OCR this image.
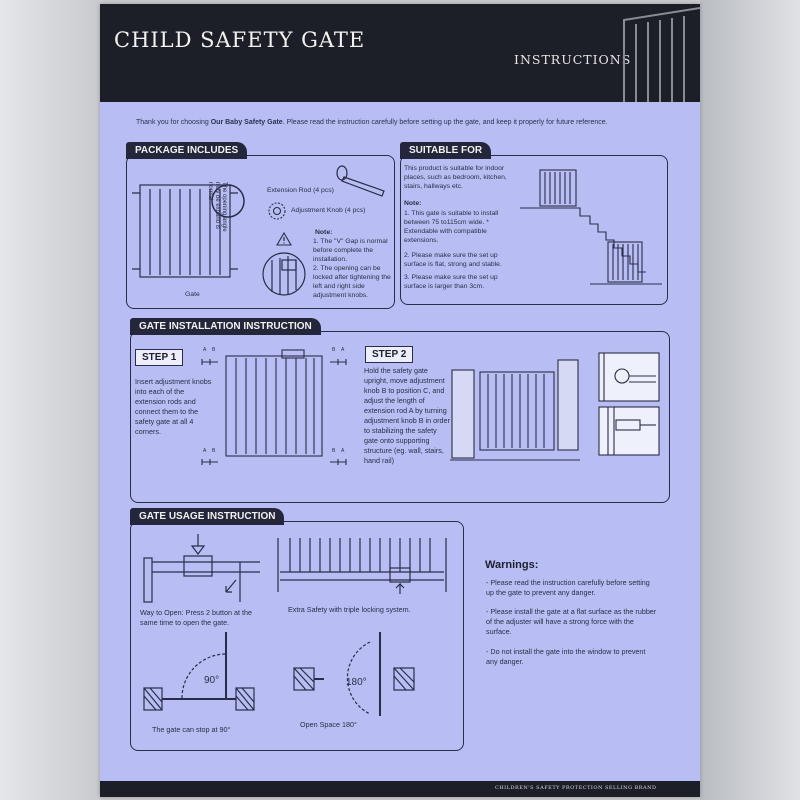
CHILD SAFETY GATE
INSTRUCTIONS
Thank you for choosing Our Baby Safety Gate. Please read the instruction carefully before setting up the gate, and keep it properly for future reference.
PACKAGE INCLUDES
The opening angle may be expand is normal
Gate
Extension Rod (4 pcs)
Adjustment Knob (4 pcs)
Note:
1. The "V" Gap is normal before complete the installation.
2. The opening can be locked after tightening the left and right side adjustment knobs.
SUITABLE FOR
This product is suitable for indoor places, such as bedroom, kitchen, stairs, hallways etc.
Note:
1. This gate is suitable to install between 75 to115cm wide. * Extendable with compatible extensions.
2. Please make sure the set up surface is flat, strong and stable.
3. Please make sure the set up surface is larger than 3cm.
GATE INSTALLATION INSTRUCTION
STEP 1
Insert adjustment knobs into each of the extension rods and connect them to the safety gate at all 4 corners.
A B	B A
A B	B A
STEP 2
Hold the safety gate upright, move adjustment knob B to position C, and adjust the length of extension rod A by turning adjustment knob B in order to stabilizing the safety gate onto supporting structure (eg. wall, stairs, hand rail)
GATE USAGE INSTRUCTION
Way to Open: Press 2 button at the same time to open the gate.
Extra Safety with triple locking system.
90°
The gate can stop at 90°
180°
Open Space 180°
Warnings:
- Please read the instruction carefully before setting up the gate to prevent any danger.
- Please install the gate at a flat surface as the rubber of the adjuster will have a strong force with the surface.
- Do not install the gate into the window to prevent any danger.
CHILDREN'S SAFETY PROTECTION SELLING BRAND
